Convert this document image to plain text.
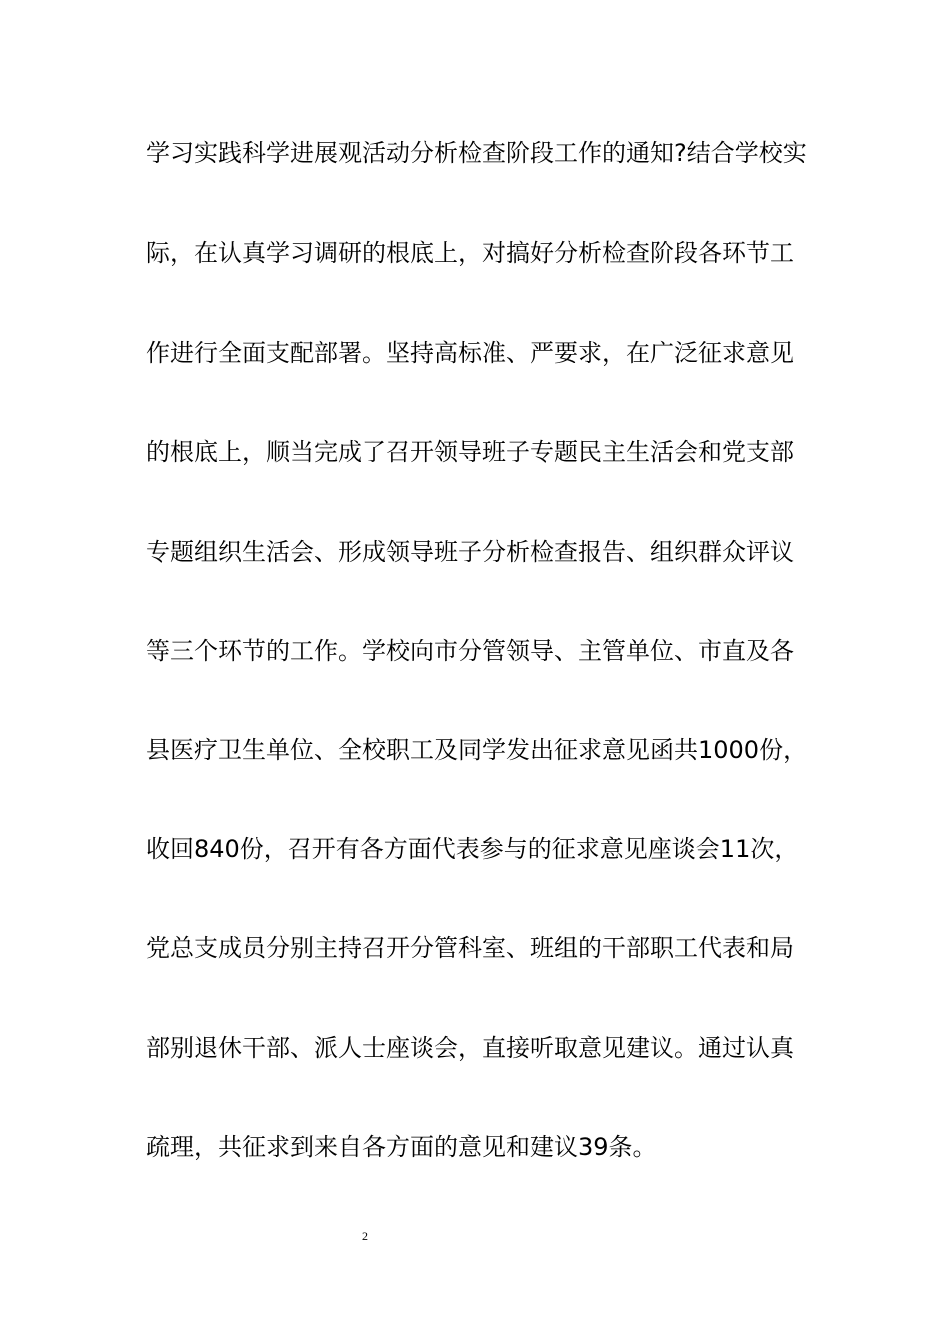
学习实践科学进展观活动分析检查阶段工作的通知?结合学校实
际，在认真学习调研的根底上，对搞好分析检查阶段各环节工
作进行全面支配部署。坚持高标准、严要求，在广泛征求意见
的根底上，顺当完成了召开领导班子专题民主生活会和党支部
专题组织生活会、形成领导班子分析检查报告、组织群众评议
等三个环节的工作。学校向市分管领导、主管单位、市直及各
县医疗卫生单位、全校职工及同学发出征求意见函共1000份，
收回840份，召开有各方面代表参与的征求意见座谈会11次，
党总支成员分别主持召开分管科室、班组的干部职工代表和局
部别退休干部、派人士座谈会，直接听取意见建议。通过认真
疏理，共征求到来自各方面的意见和建议39条。
2
